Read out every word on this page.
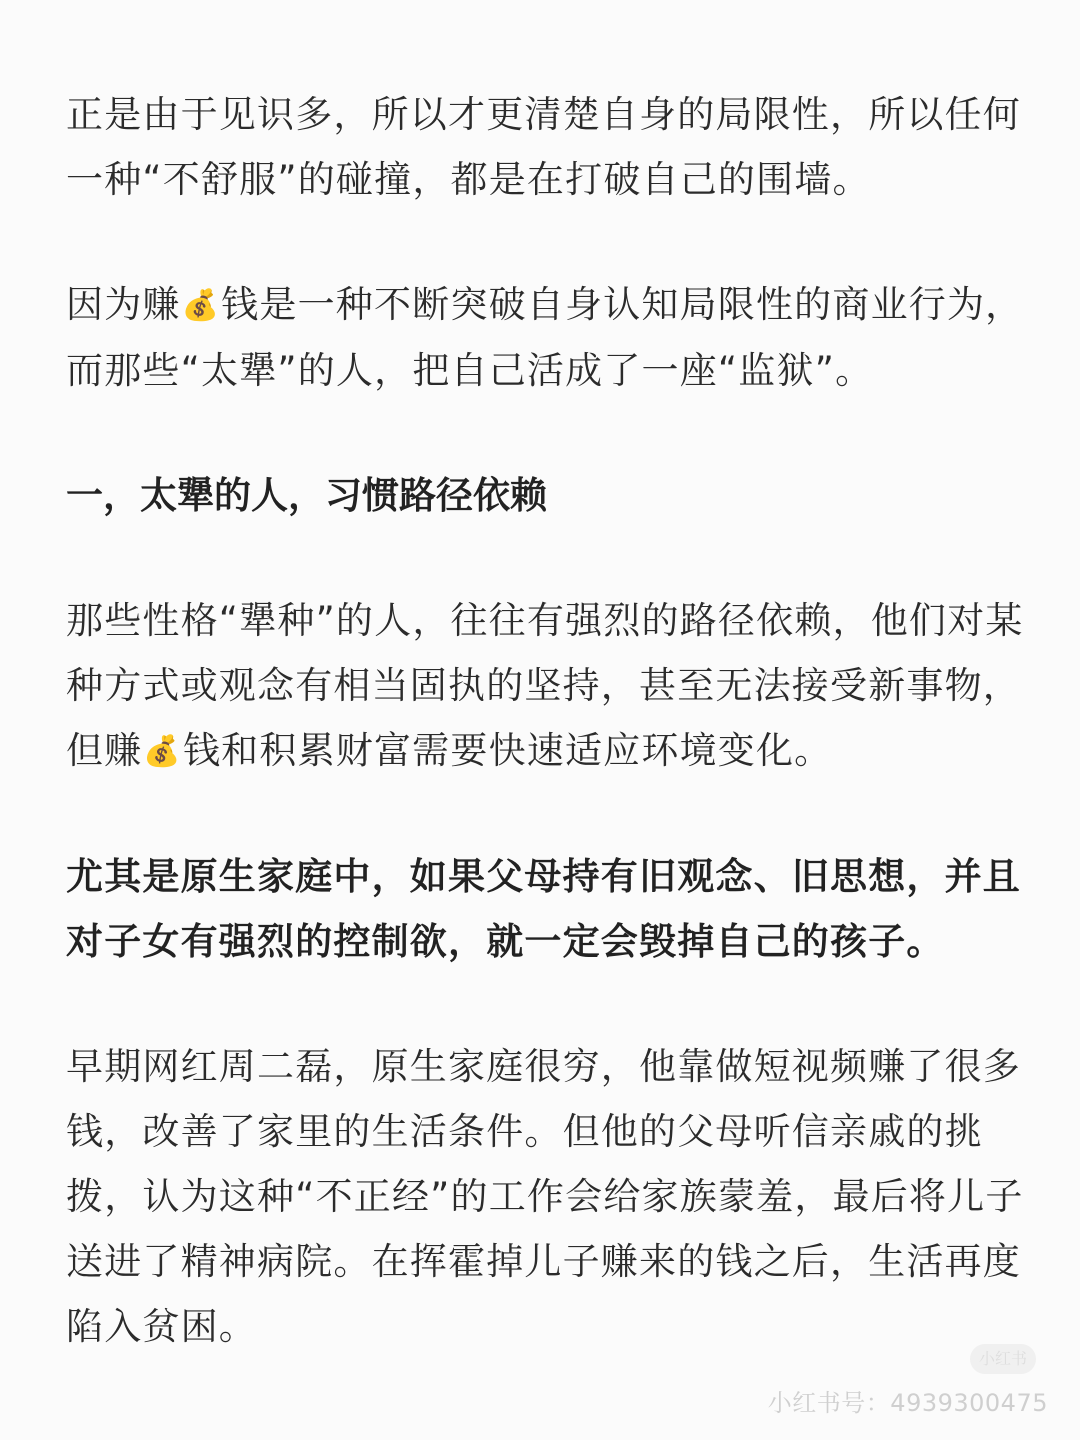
正是由于见识多，所以才更清楚自身的局限性，所以任何一种“不舒服”的碰撞，都是在打破自己的围墙。

因为赚💰钱是一种不断突破自身认知局限性的商业行为，而那些“太犟”的人，把自己活成了一座“监狱”。

一，太犟的人，习惯路径依赖

那些性格“犟种”的人，往往有强烈的路径依赖，他们对某种方式或观念有相当固执的坚持，甚至无法接受新事物，但赚💰钱和积累财富需要快速适应环境变化。

尤其是原生家庭中，如果父母持有旧观念、旧思想，并且对子女有强烈的控制欲，就一定会毁掉自己的孩子。

早期网红周二磊，原生家庭很穷，他靠做短视频赚了很多钱，改善了家里的生活条件。但他的父母听信亲戚的挑拨，认为这种“不正经”的工作会给家族蒙羞，最后将儿子送进了精神病院。在挥霍掉儿子赚来的钱之后，生活再度陷入贫困。

小红书
小红书号：4939300475
